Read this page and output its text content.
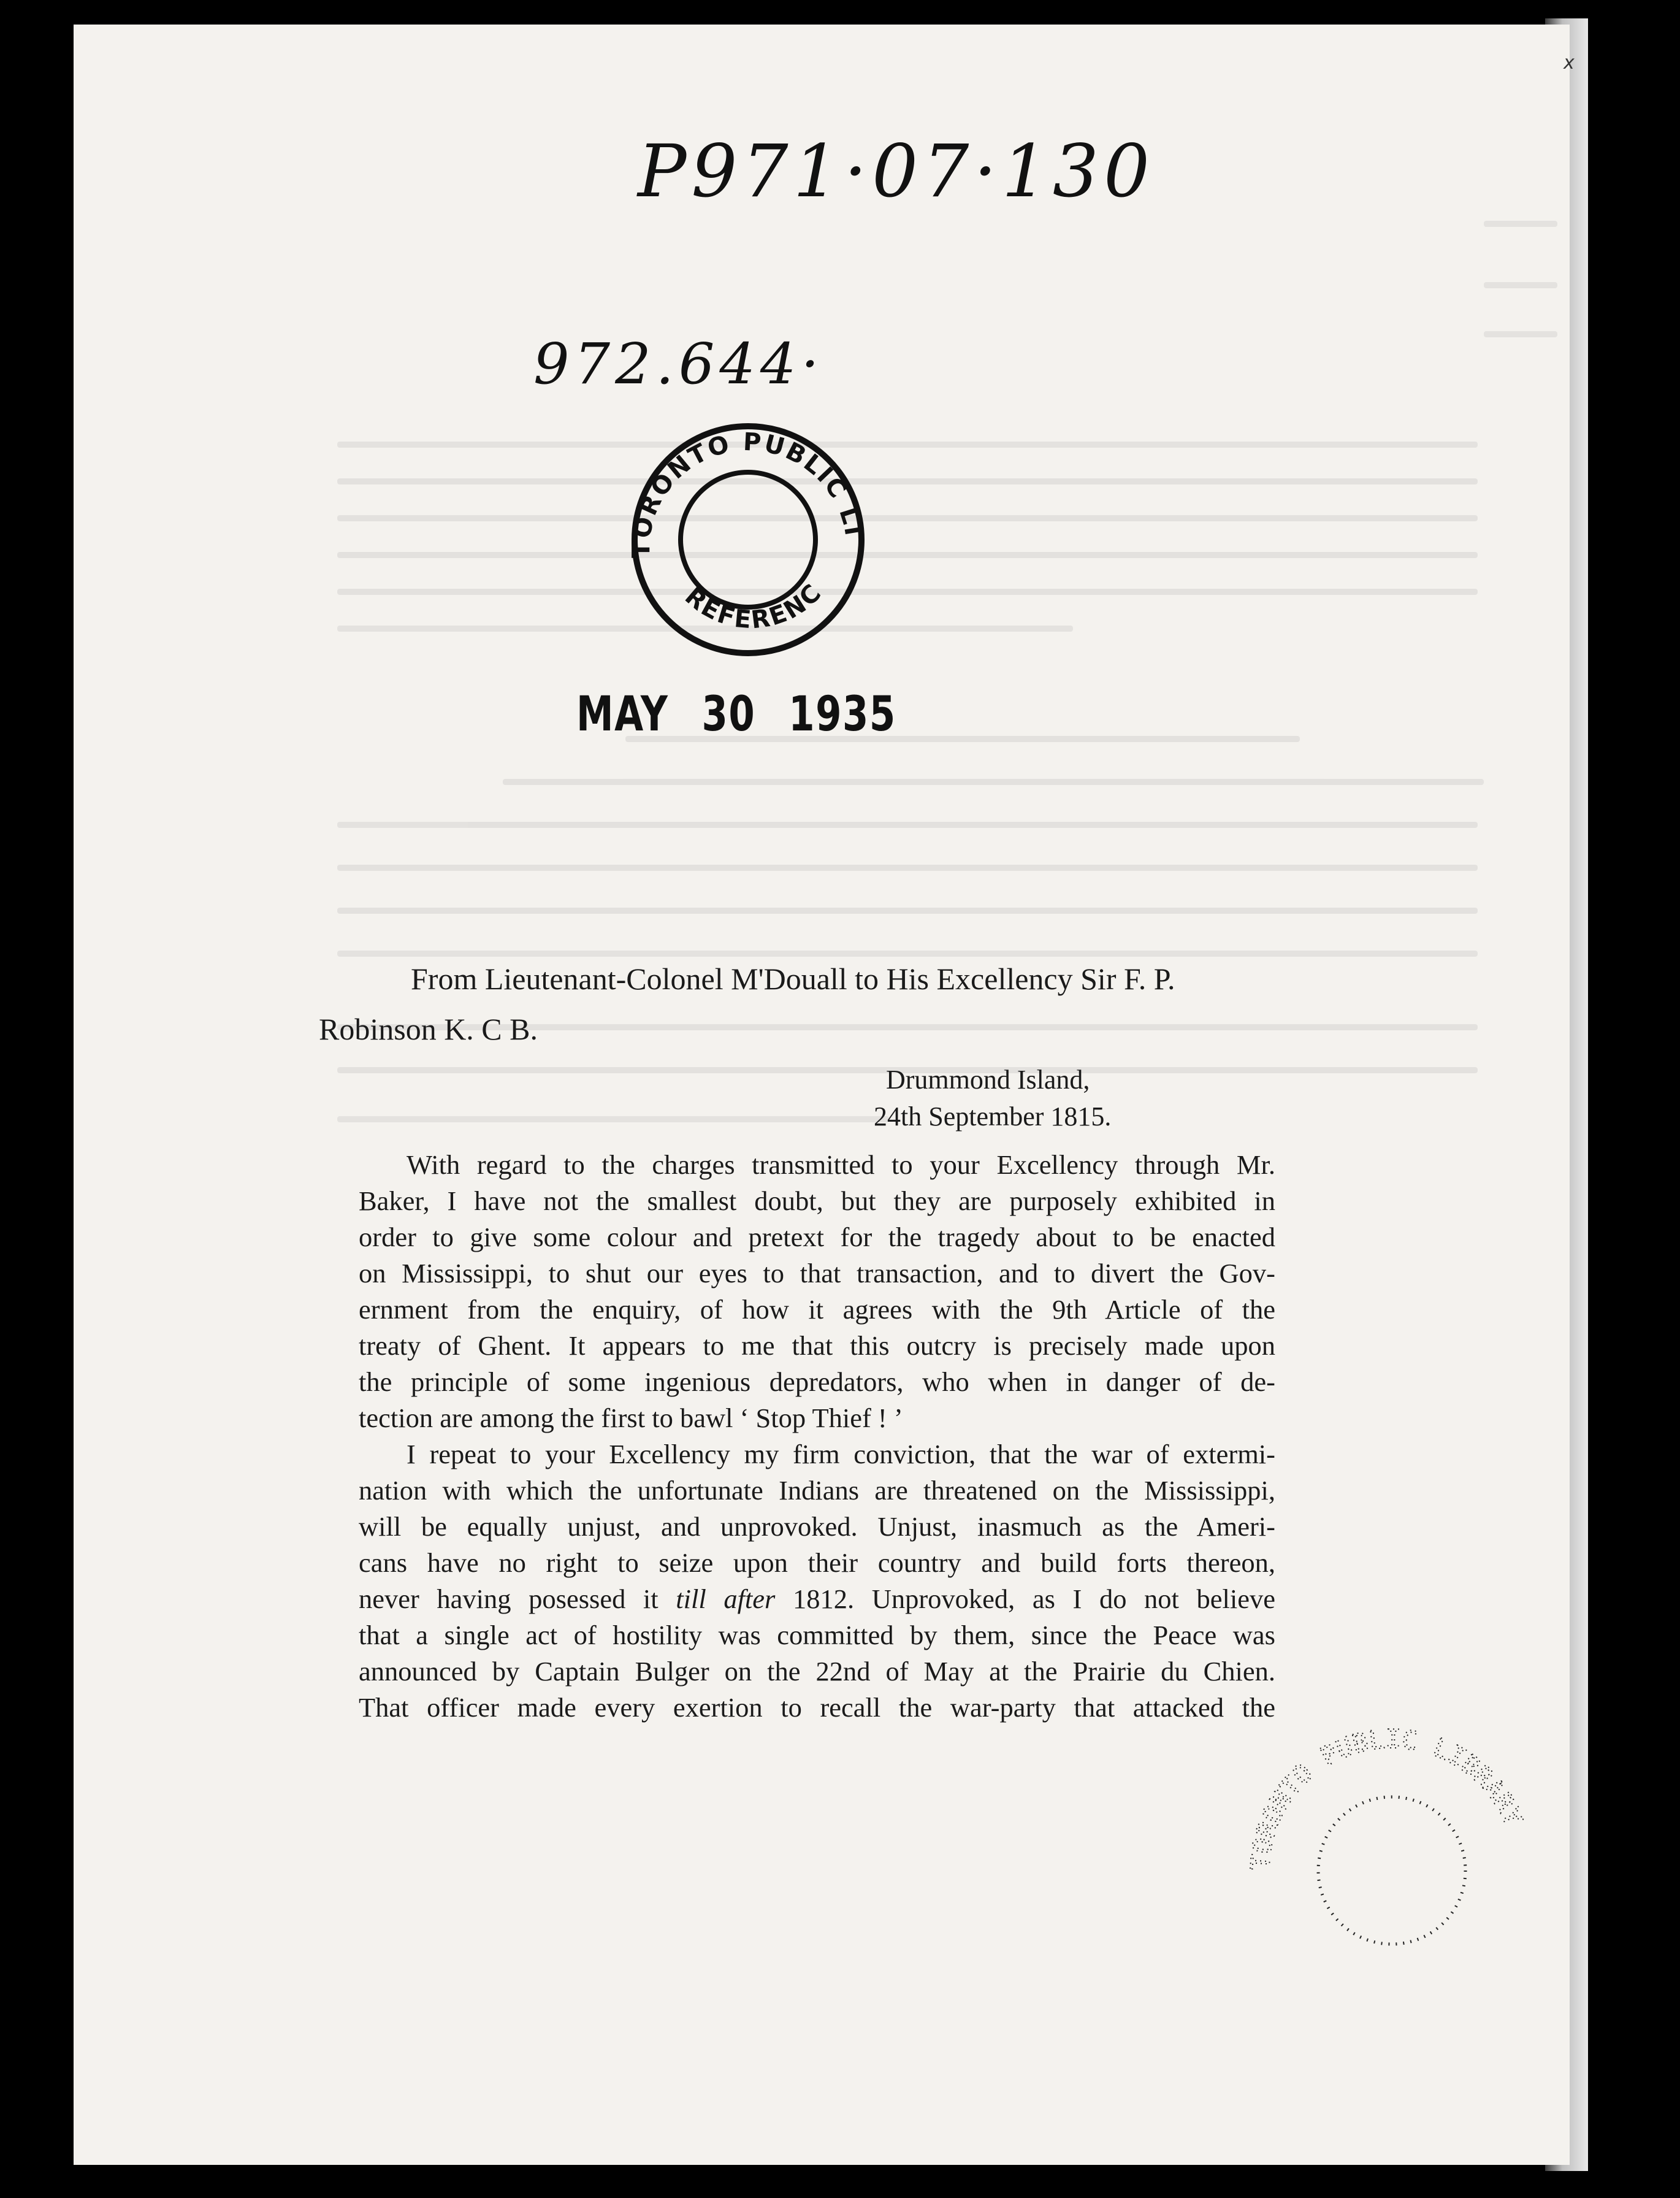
x
P971·07·130
972.644·
TORONTO PUBLIC LI
REFERENC
MAY 30 1935

From Lieutenant-Colonel M'Douall to His Excellency Sir F. P. Robinson K. C B.

Drummond Island,
24th September 1815.
With regard to the charges transmitted to your Excellency through Mr.
Baker, I have not the smallest doubt, but they are purposely exhibited in
order to give some colour and pretext for the tragedy about to be enacted
on Mississippi, to shut our eyes to that transaction, and to divert the Gov-
ernment from the enquiry, of how it agrees with the 9th Article of the
treaty of Ghent. It appears to me that this outcry is precisely made upon
the principle of some ingenious depredators, who when in danger of de-
tection are among the first to bawl ‘ Stop Thief ! ’
I repeat to your Excellency my firm conviction, that the war of extermi-
nation with which the unfortunate Indians are threatened on the Mississippi,
will be equally unjust, and unprovoked. Unjust, inasmuch as the Ameri-
cans have no right to seize upon their country and build forts thereon,
never having posessed it till after 1812. Unprovoked, as I do not believe
that a single act of hostility was committed by them, since the Peace was
announced by Captain Bulger on the 22nd of May at the Prairie du Chien.
That officer made every exertion to recall the war-party that attacked the
TORONTO PUBLIC LIBRARY
